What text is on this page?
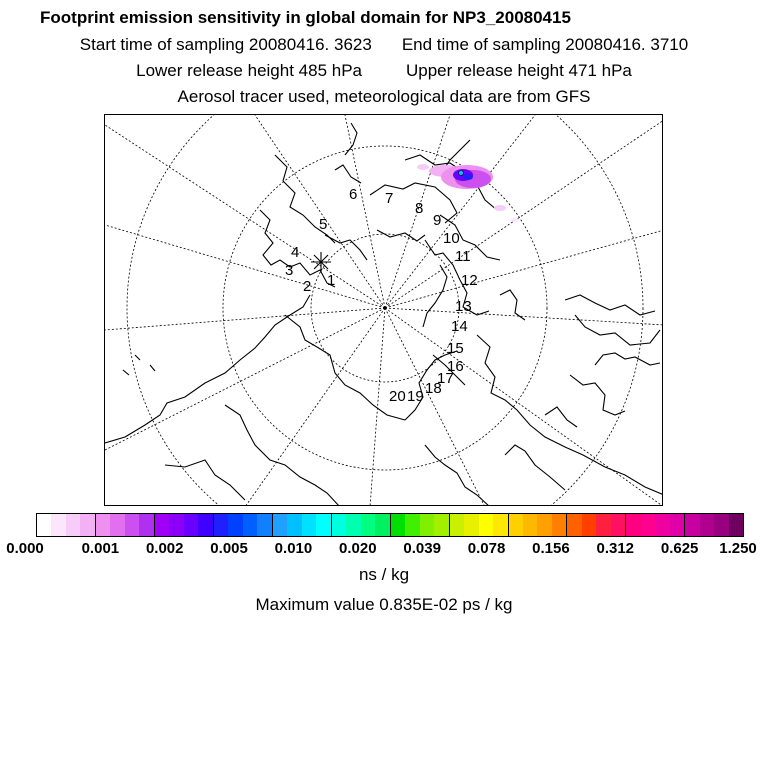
Footprint emission sensitivity in global domain for NP3_20080415
Start time of sampling 20080416. 3623 End time of sampling 20080416. 3710
Lower release height 485 hPa	Upper release height 471 hPa
Aerosol tracer used, meteorological data are from GFS
1
2
3
4
5
6 7
8
9
10
11
12
13
14
15
16
17
18
19
20
0.000	0.001 0.002 0.005 0.010 0.020 0.039 0.078 0.156 0.312 0.625 1.250
ns / kg
Maximum value 0.835E-02 ps / kg
